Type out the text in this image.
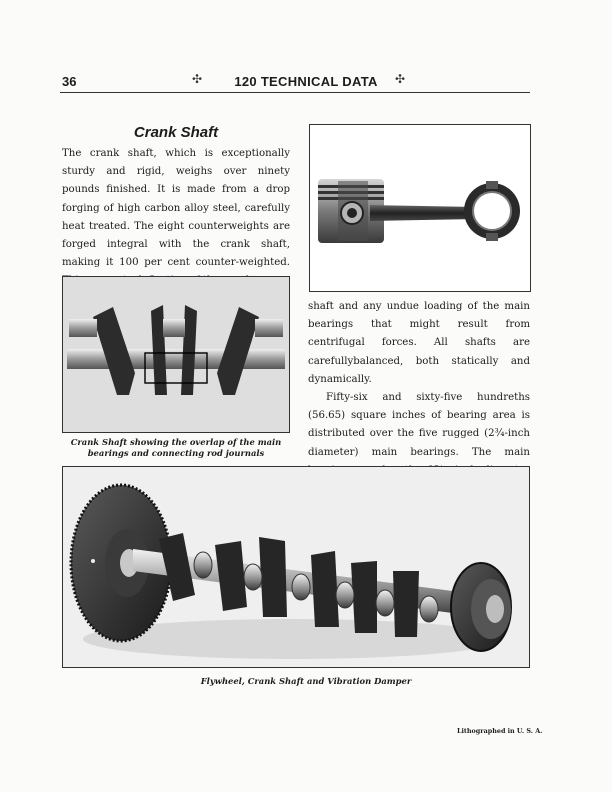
36	✣	120 TECHNICAL DATA	✣
Crank Shaft
The crank shaft, which is exceptionally sturdy and rigid, weighs over ninety pounds finished. It is made from a drop forging of high carbon alloy steel, carefully heat treated. The eight counterweights are forged integral with the crank shaft, making it 100 per cent counter-weighted.
Crank Shaft showing the overlap of the main bearings and connecting rod journals
shaft and any undue loading of the main bearings that might result from centrifugal forces. All shafts are carefullybalanced, both statically and dynamically.
Fifty-six and sixty-five hundreths (56.65) square inches of bearing area is distributed over the five rugged (2¾-inch diameter) main bearings. The main
Flywheel, Crank Shaft and Vibration Damper
Lithographed in U. S. A.
